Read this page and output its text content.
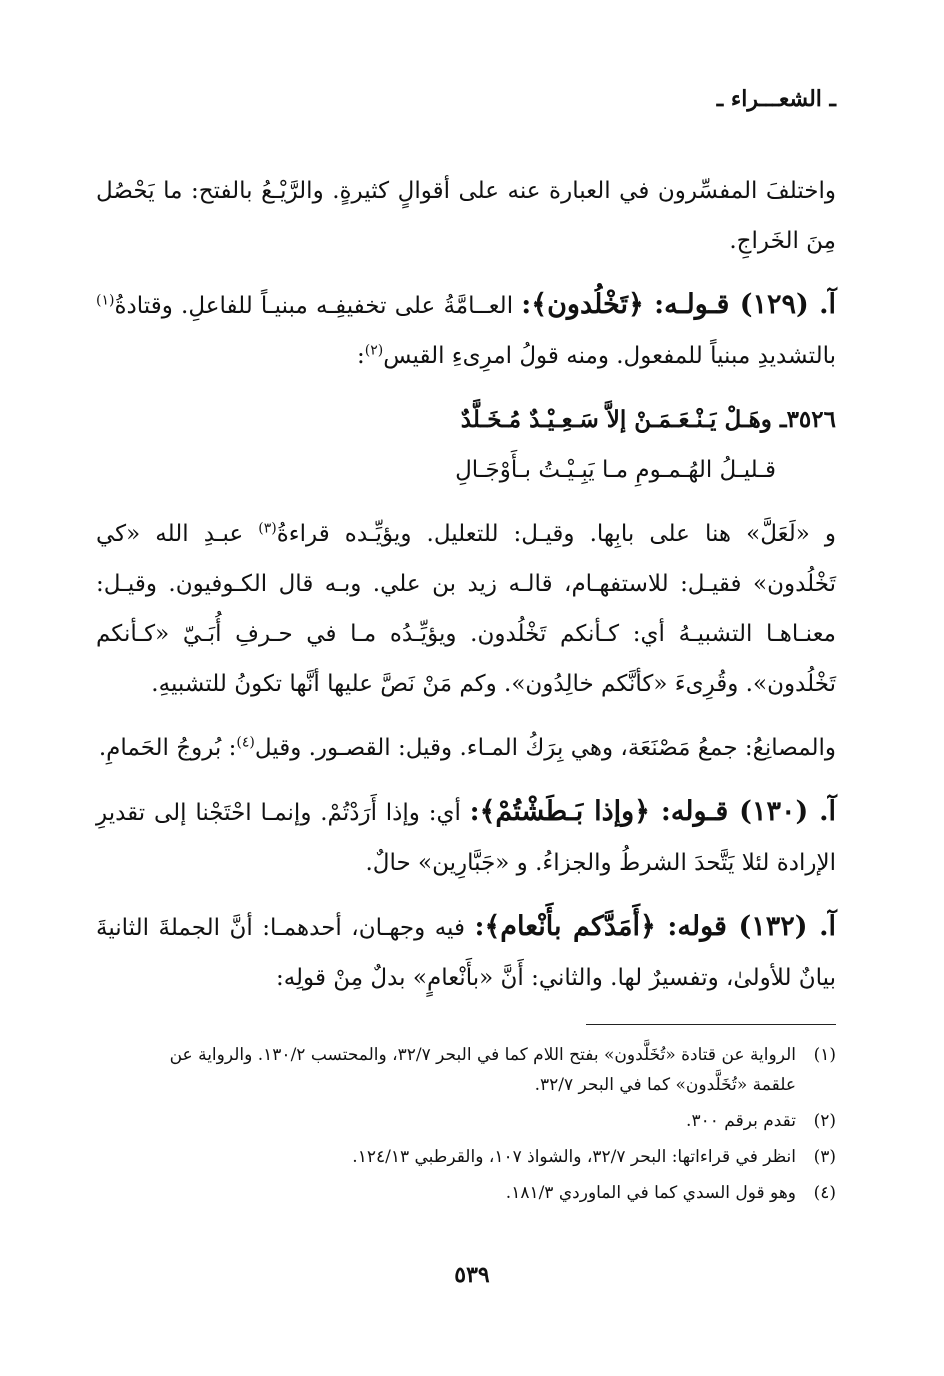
ـ الشعـــراء ـ

واختلفَ المفسِّرون في العبارة عنه على أقوالٍ كثيرةٍ. والرَّيْـعُ بالفتح: ما يَحْصُل مِنَ الخَراجِ.

آ. (١٢٩) قـولـه: ﴿تَخْلُدون﴾: العــامَّةُ على تخفيفِـه مبنيـاً للفاعلِ. وقتادةُ$^{(١)}$ بالتشديدِ مبنياً للمفعول. ومنه قولُ امرِىءِ القيس$^{(٢)}$:

٣٥٢٦ـ وهَـلْ يَـنْـعَـمَـنْ إلاَّ سَـعِـيْـدٌ مُـخَـلَّدٌ
قـليـلُ الهُـمـومِ مـا يَبِـيْـتُ بـأَوْجَـالِ

و «لَعَلَّ» هنا على بابِها. وقيـل: للتعليل. ويؤيِّـده قراءةُ$^{(٣)}$ عبـدِ الله «كي تَخْلُدون» فقيـل: للاستفهـام، قالـه زيد بن علي. وبـه قال الكـوفيون. وقيـل: معنـاهـا التشبيـهُ أي: كـأنكم تَخْلُدون. ويؤيِّـدُه مـا في حـرفِ أُبَـيّ «كـأنكم تَخْلُدون». وقُرِىءَ «كأنَّكم خالِدُون». وكم مَنْ نَصَّ عليها أنَّها تكونُ للتشبيهِ.

والمصانِعُ: جمعُ مَصْنَعَة، وهي بِرَكُ المـاء. وقيل: القصـور. وقيل$^{(٤)}$: بُروجُ الحَمامِ.

آ. (١٣٠) قـوله: ﴿وإذا بَـطَشْتُمْ﴾: أي: وإذا أَرَدْتُمْ. وإنمـا احْتَجْنا إلى تقديرِ الإرادة لئلا يَتَّحدَ الشرطُ والجزاءُ. و «جَبَّارِين» حالٌ.

آ. (١٣٢) قوله: ﴿أَمَدَّكم بأَنْعام﴾: فيه وجهـان، أحدهمـا: أنَّ الجملةَ الثانيةَ بيانٌ للأولىٰ، وتفسيرٌ لها. والثاني: أَنَّ «بأَنْعامٍ» بدلٌ مِنْ قولِه:

(١)
الرواية عن قتادة «تُخَلَّدون» بفتح اللام كما في البحر ٣٢/٧، والمحتسب ١٣٠/٢. والرواية عن علقمة «تُخَلَّدون» كما في البحر ٣٢/٧.
(٢)
تقدم برقم ٣٠٠.
(٣)
انظر في قراءاتها: البحر ٣٢/٧، والشواذ ١٠٧، والقرطبي ١٢٤/١٣.
(٤)
وهو قول السدي كما في الماوردي ١٨١/٣.
٥٣٩
